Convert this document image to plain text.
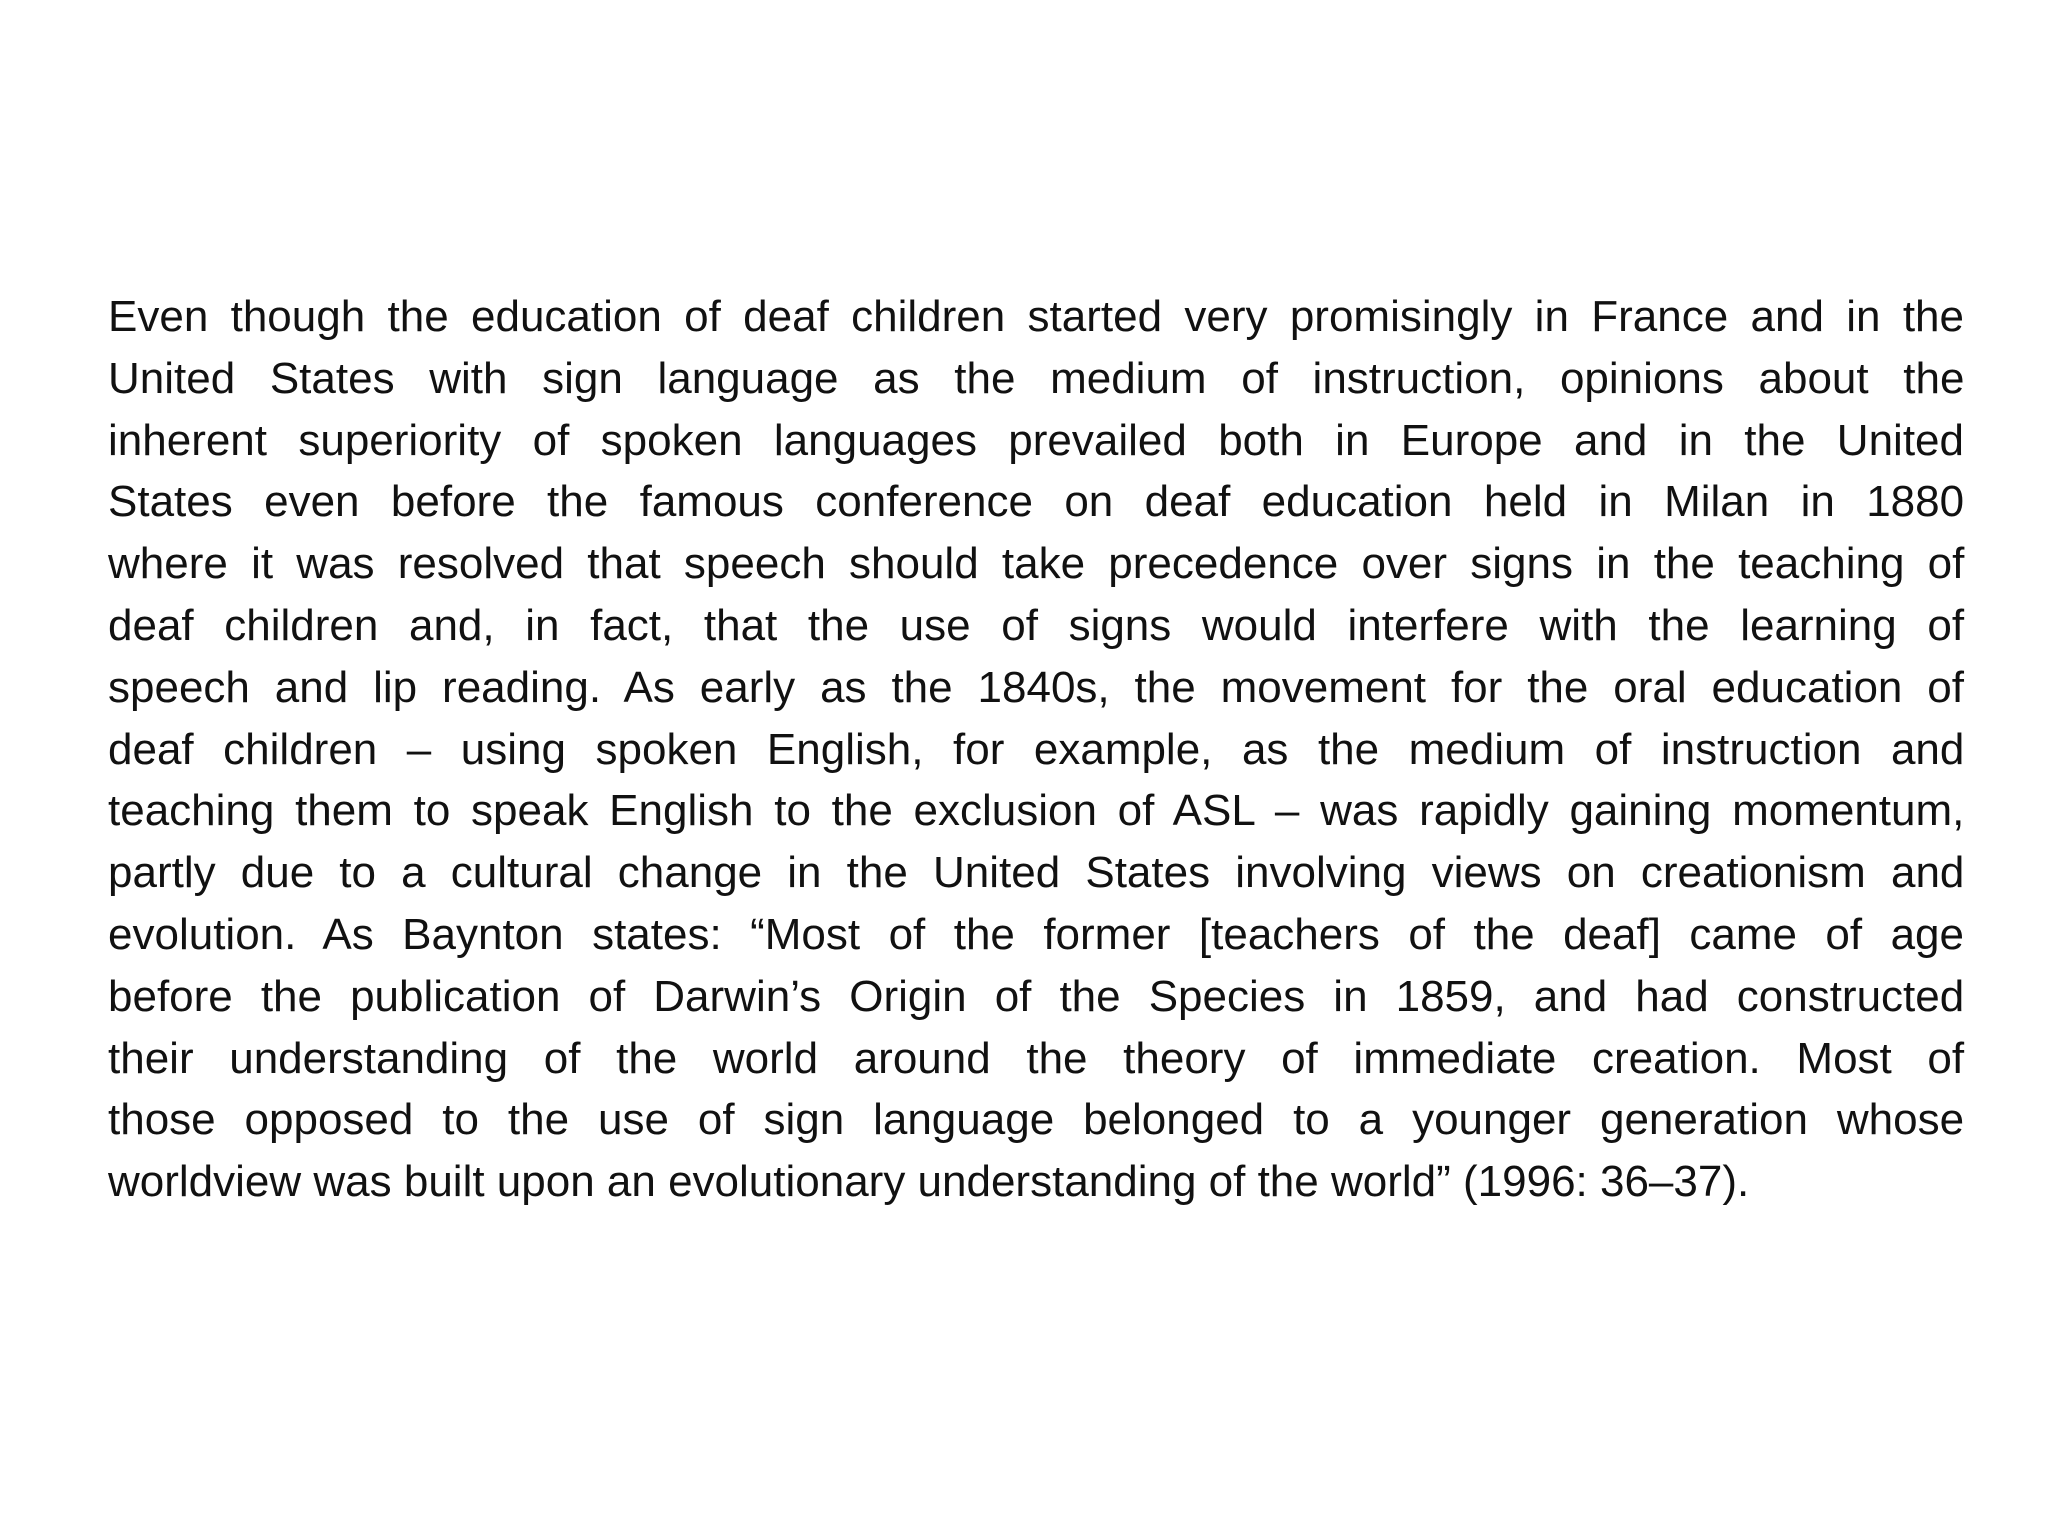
Even though the education of deaf children started very promisingly in France and in the
United States with sign language as the medium of instruction, opinions about the
inherent superiority of spoken languages prevailed both in Europe and in the United
States even before the famous conference on deaf education held in Milan in 1880
where it was resolved that speech should take precedence over signs in the teaching of
deaf children and, in fact, that the use of signs would interfere with the learning of
speech and lip reading. As early as the 1840s, the movement for the oral education of
deaf children – using spoken English, for example, as the medium of instruction and
teaching them to speak English to the exclusion of ASL – was rapidly gaining momentum,
partly due to a cultural change in the United States involving views on creationism and
evolution. As Baynton states: “Most of the former [teachers of the deaf] came of age
before the publication of Darwin’s Origin of the Species in 1859, and had constructed
their understanding of the world around the theory of immediate creation. Most of
those opposed to the use of sign language belonged to a younger generation whose
worldview was built upon an evolutionary understanding of the world” (1996: 36–37).
